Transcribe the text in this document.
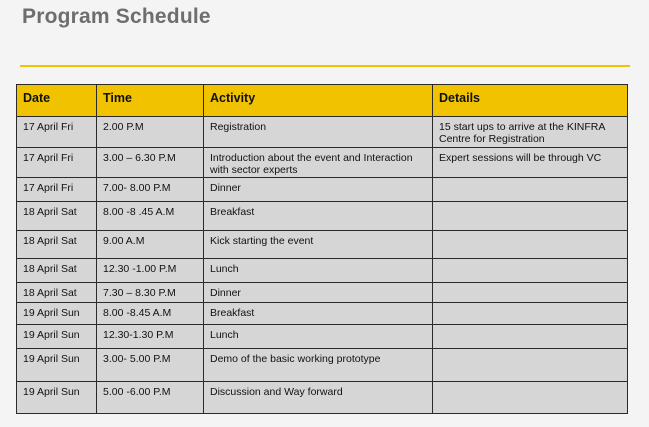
Program Schedule
Date	Time	Activity	Details
17 April Fri	2.00 P.M	Registration	15 start ups to arrive at the KINFRA Centre for Registration
17 April Fri	3.00 – 6.30 P.M	Introduction about the event and Interaction with sector experts	Expert sessions will be through VC
17 April Fri	7.00- 8.00 P.M	Dinner	
18 April Sat	8.00 -8 .45 A.M	Breakfast	
18 April Sat	9.00 A.M	Kick starting the event	
18 April Sat	12.30 -1.00 P.M	Lunch	
18 April Sat	7.30 – 8.30 P.M	Dinner	
19 April Sun	8.00 -8.45 A.M	Breakfast	
19 April Sun	12.30-1.30 P.M	Lunch	
19 April Sun	3.00- 5.00 P.M	Demo of the basic working prototype	
19 April Sun	5.00 -6.00 P.M	Discussion and Way forward	
